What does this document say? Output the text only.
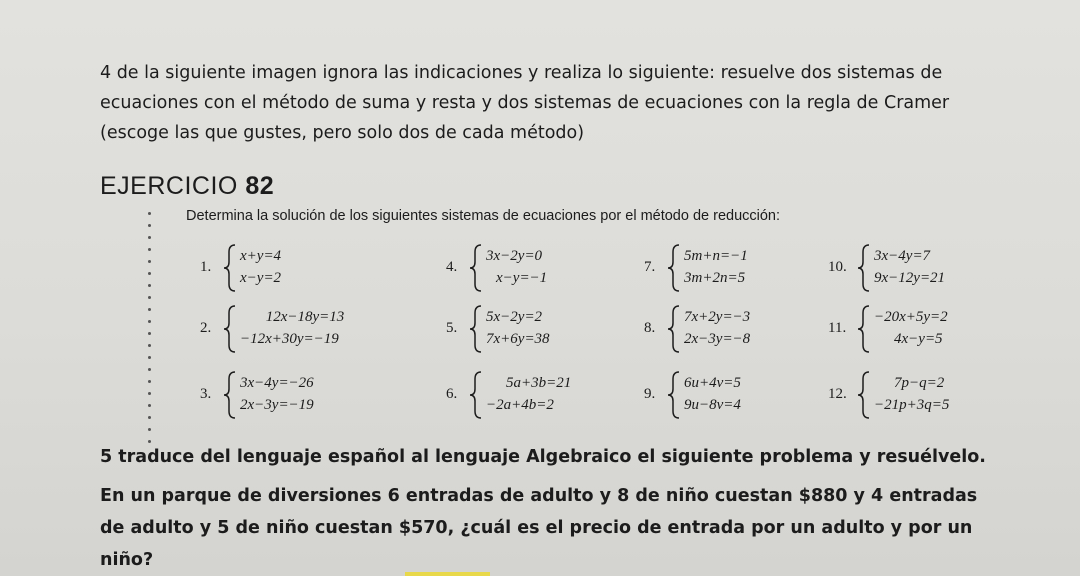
4 de la siguiente imagen ignora las indicaciones y realiza lo siguiente: resuelve dos sistemas de ecuaciones con el método de suma y resta y dos sistemas de ecuaciones con la regla de Cramer (escoge las que gustes, pero solo dos de cada método)

EJERCICIO 82
Determina la solución de los siguientes sistemas de ecuaciones por el método de reducción:
1.
x+y=4
x−y=2
2.
12x−18y=13
−12x+30y=−19
3.
3x−4y=−26
2x−3y=−19
4.
3x−2y=0
x−y=−1
5.
5x−2y=2
7x+6y=38
6.
5a+3b=21
−2a+4b=2
7.
5m+n=−1
3m+2n=5
8.
7x+2y=−3
2x−3y=−8
9.
6u+4v=5
9u−8v=4
10.
3x−4y=7
9x−12y=21
11.
−20x+5y=2
4x−y=5
12.
7p−q=2
−21p+3q=5

5 traduce del lenguaje español al lenguaje Algebraico el siguiente problema y resuélvelo.

En un parque de diversiones 6 entradas de adulto y 8 de niño cuestan $880 y 4 entradas de adulto y 5 de niño cuestan $570, ¿cuál es el precio de entrada por un adulto y por un niño?
